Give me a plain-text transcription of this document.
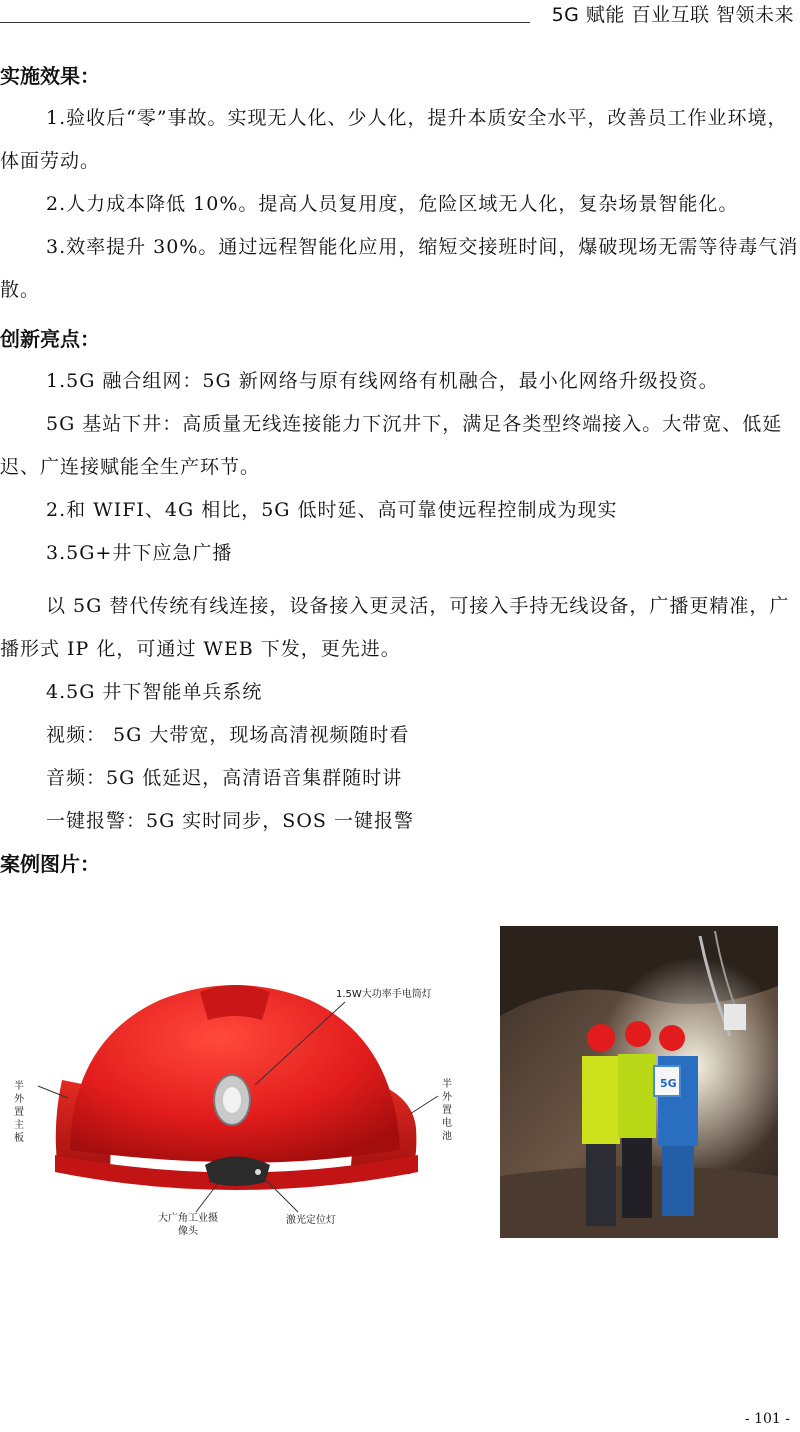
5G 赋能 百业互联 智领未来
实施效果：

1.验收后“零”事故。实现无人化、少人化，提升本质安全水平，改善员工作业环境，体面劳动。

2.人力成本降低 10%。提高人员复用度，危险区域无人化，复杂场景智能化。

3.效率提升 30%。通过远程智能化应用，缩短交接班时间，爆破现场无需等待毒气消散。

创新亮点：

1.5G 融合组网：5G 新网络与原有线网络有机融合，最小化网络升级投资。

5G 基站下井：高质量无线连接能力下沉井下，满足各类型终端接入。大带宽、低延迟、广连接赋能全生产环节。

2.和 WIFI、4G 相比，5G 低时延、高可靠使远程控制成为现实

3.5G+井下应急广播

以 5G 替代传统有线连接，设备接入更灵活，可接入手持无线设备，广播更精准，广播形式 IP 化，可通过 WEB 下发，更先进。

4.5G 井下智能单兵系统

视频： 5G 大带宽，现场高清视频随时看

音频：5G 低延迟，高清语音集群随时讲

一键报警：5G 实时同步，SOS 一键报警

案例图片：
1.5W大功率手电筒灯
半外置主板
半外置电池
大广角工业摄像头
激光定位灯
5G
- 101 -
